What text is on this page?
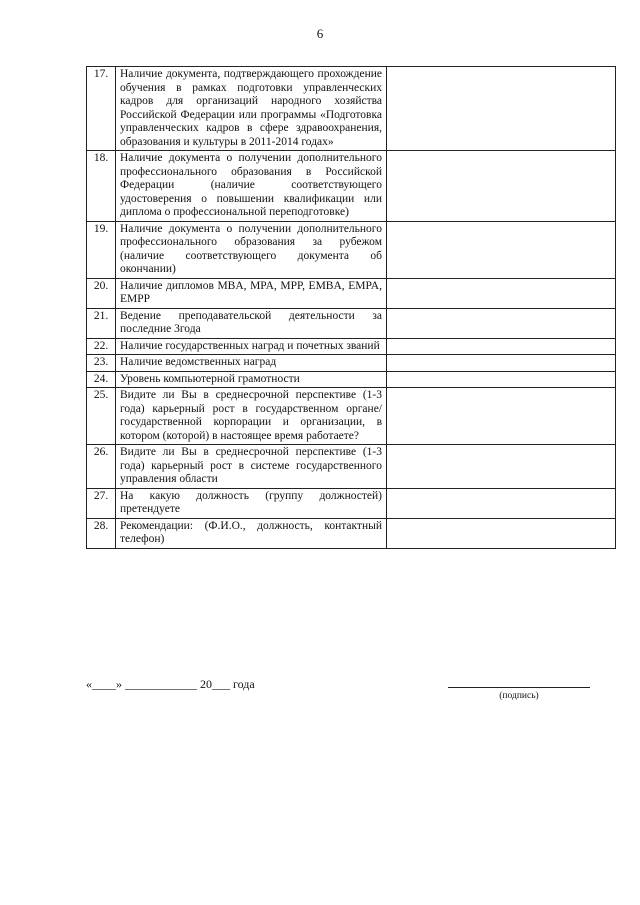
6
17.	Наличие документа, подтверждающего прохождение обучения в рамках подготовки управленческих кадров для организаций народного хозяйства Российской Федерации или программы «Подготовка управленческих кадров в сфере здравоохранения, образования и культуры в 2011-2014 годах»	
18.	Наличие документа о получении дополнительного профессионального образования в Российской Федерации (наличие соответствующего удостоверения о повышении квалификации или диплома о профессиональной переподготовке)	
19.	Наличие документа о получении дополнительного профессионального образования за рубежом (наличие соответствующего документа об окончании)	
20.	Наличие дипломов MBA, MPA, MPP, EMBA, EMPA, EMPP	
21.	Ведение преподавательской деятельности за последние 3года	
22.	Наличие государственных наград и почетных званий	
23.	Наличие ведомственных наград	
24.	Уровень компьютерной грамотности	
25.	Видите ли Вы в среднесрочной перспективе (1-3 года) карьерный рост в государственном органе/государственной корпорации и организации, в котором (которой) в настоящее время работаете?	
26.	Видите ли Вы в среднесрочной перспективе (1-3 года) карьерный рост в системе государственного управления области	
27.	На какую должность (группу должностей) претендуете	
28.	Рекомендации: (Ф.И.О., должность, контактный телефон)	
«____» ____________ 20___ года
(подпись)
